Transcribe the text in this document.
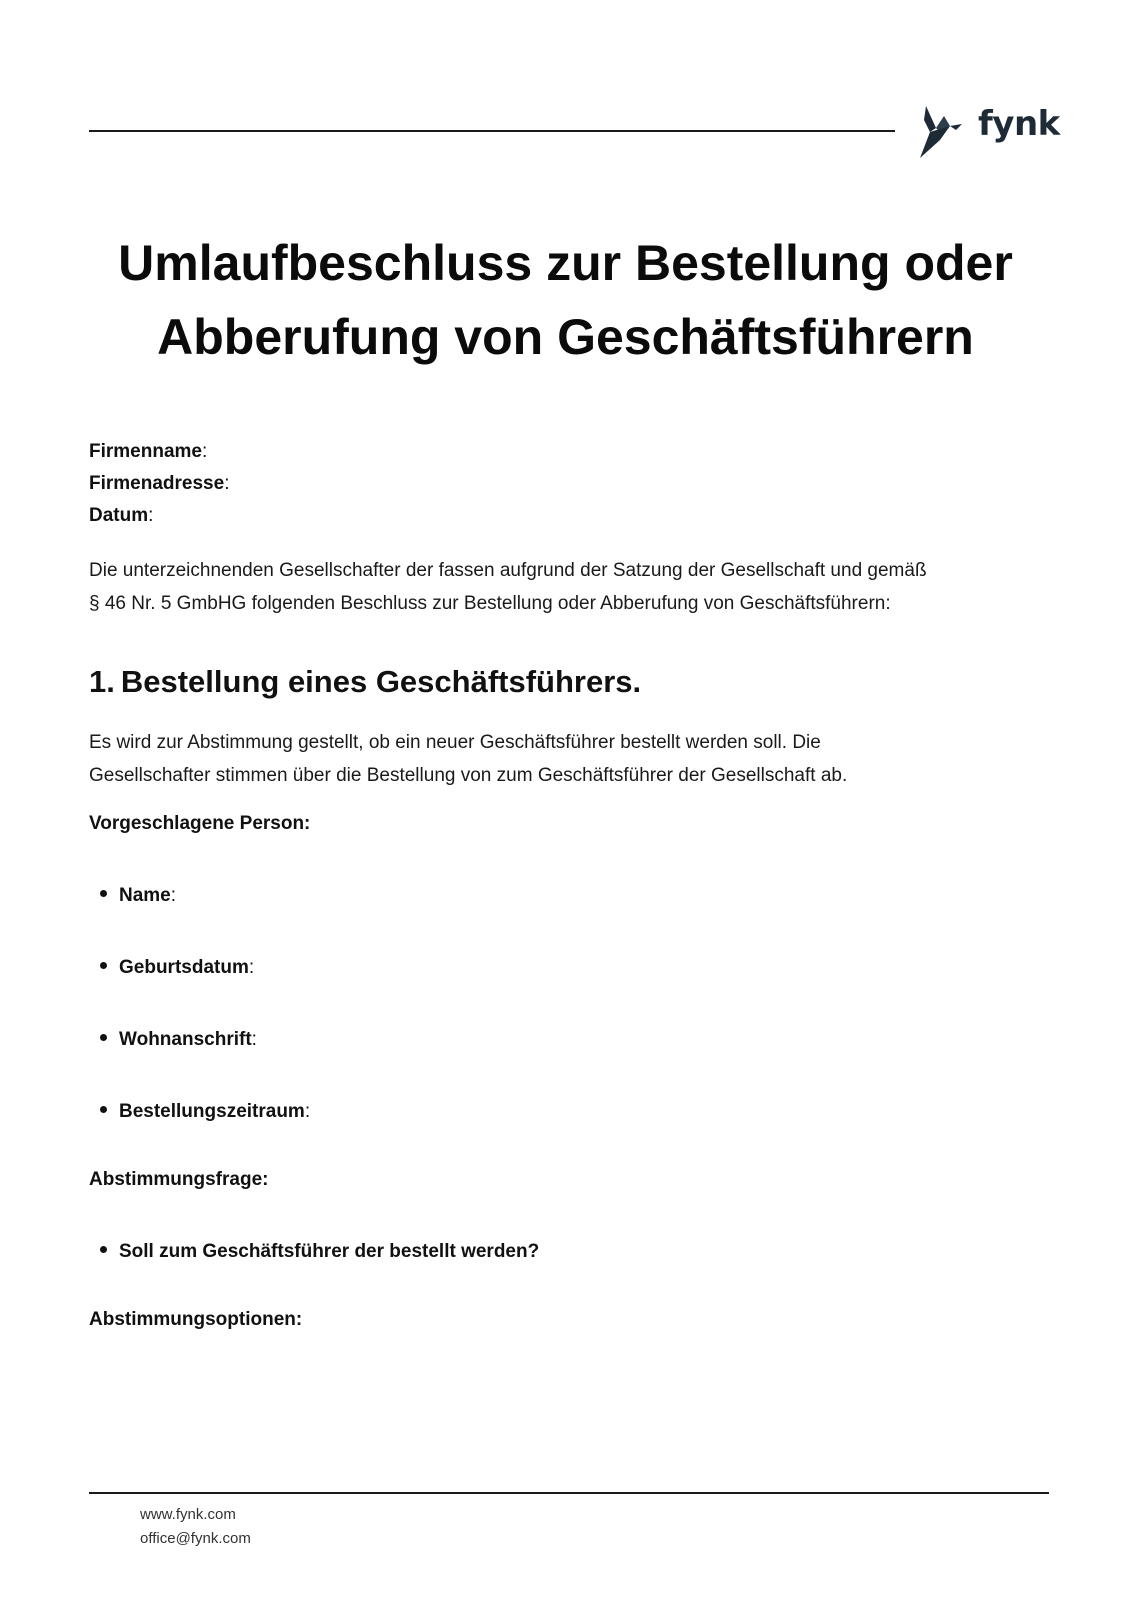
fynk
Umlaufbeschluss zur Bestellung oder
Abberufung von Geschäftsführern
Firmenname:
Firmenadresse:
Datum:
Die unterzeichnenden Gesellschafter der fassen aufgrund der Satzung der Gesellschaft und gemäß
§ 46 Nr. 5 GmbHG folgenden Beschluss zur Bestellung oder Abberufung von Geschäftsführern:
1. Bestellung eines Geschäftsführers.
Es wird zur Abstimmung gestellt, ob ein neuer Geschäftsführer bestellt werden soll. Die
Gesellschafter stimmen über die Bestellung von zum Geschäftsführer der Gesellschaft ab.
Vorgeschlagene Person:
Name:
Geburtsdatum:
Wohnanschrift:
Bestellungszeitraum:
Abstimmungsfrage:
Soll zum Geschäftsführer der bestellt werden?
Abstimmungsoptionen:
www.fynk.com
office@fynk.com
